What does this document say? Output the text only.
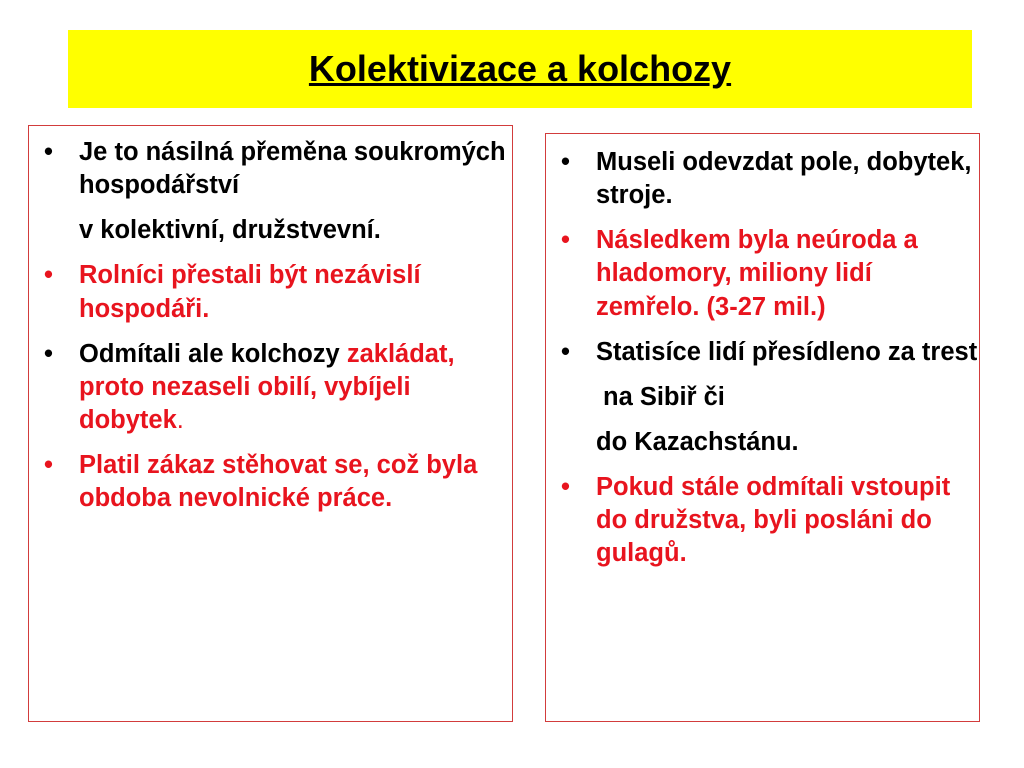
Kolektivizace a kolchozy
• Je to násilná přeměna soukromých hospodářství
v kolektivní, družstvevní.
• Rolníci přestali být nezávislí hospodáři.
• Odmítali ale kolchozy zakládat, proto nezaseli obilí, vybíjeli dobytek.
• Platil zákaz stěhovat se, což byla obdoba nevolnické práce.
• Museli odevzdat pole, dobytek, stroje.
• Následkem byla neúroda a hladomory, miliony lidí zemřelo. (3-27 mil.)
• Statisíce lidí přesídleno za trest
na Sibiř či
do Kazachstánu.
• Pokud stále odmítali vstoupit do družstva, byli posláni do gulagů.
